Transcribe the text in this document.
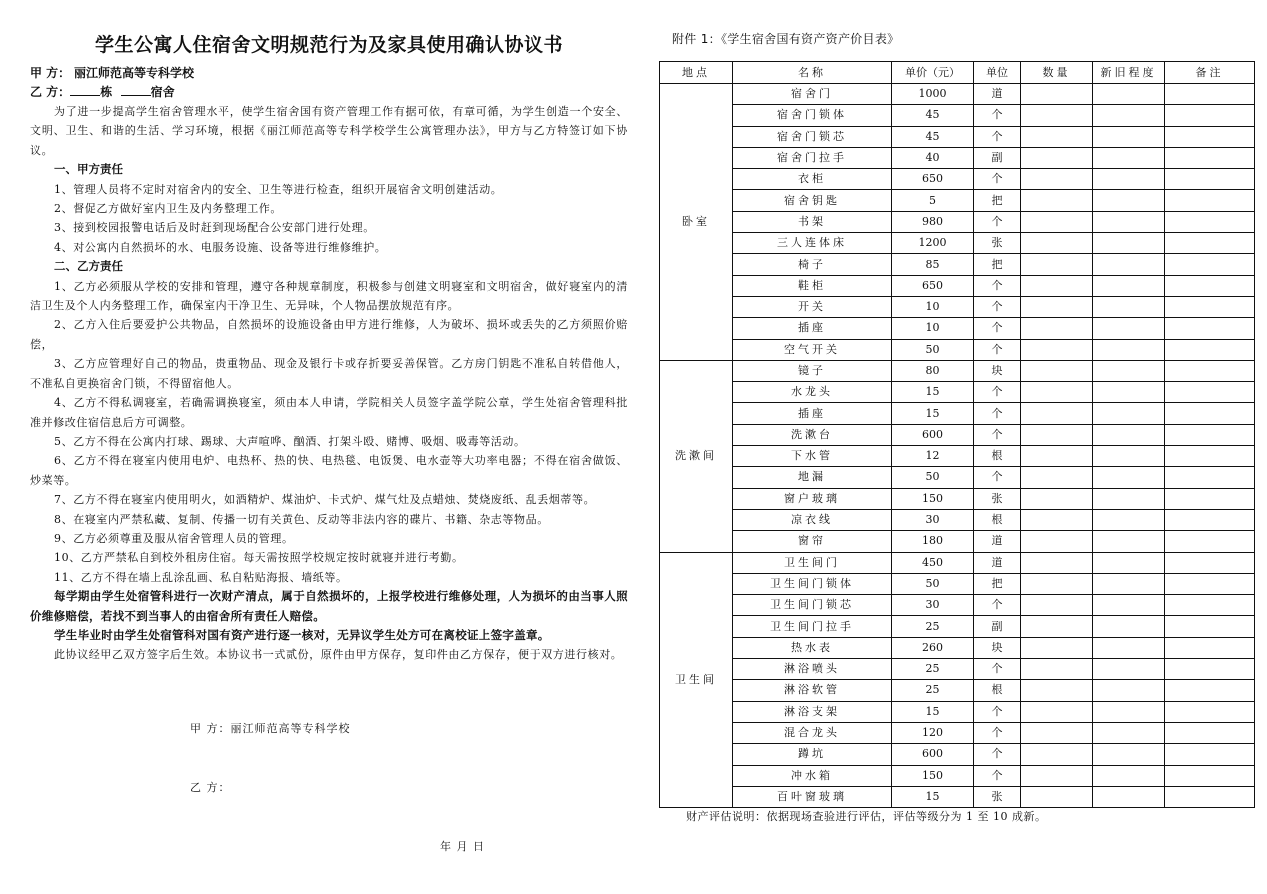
学生公寓人住宿舍文明规范行为及家具使用确认协议书
甲 方： 丽江师范高等专科学校
乙 方：	栋	宿舍

为了进一步提高学生宿舍管理水平，使学生宿舍国有资产管理工作有据可依，有章可循，为学生创造一个安全、文明、卫生、和谐的生活、学习环境，根据《丽江师范高等专科学校学生公寓管理办法》，甲方与乙方特签订如下协议。

一、甲方责任

1、管理人员将不定时对宿舍内的安全、卫生等进行检查，组织开展宿舍文明创建活动。

2、督促乙方做好室内卫生及内务整理工作。

3、接到校园报警电话后及时赶到现场配合公安部门进行处理。

4、对公寓内自然损坏的水、电服务设施、设备等进行维修维护。

二、乙方责任

1、乙方必须服从学校的安排和管理，遵守各种规章制度，积极参与创建文明寝室和文明宿舍，做好寝室内的清洁卫生及个人内务整理工作，确保室内干净卫生、无异味，个人物品摆放规范有序。

2、乙方入住后要爱护公共物品，自然损坏的设施设备由甲方进行维修，人为破坏、损坏或丢失的乙方须照价赔偿，

3、乙方应管理好自己的物品，贵重物品、现金及银行卡或存折要妥善保管。乙方房门钥匙不准私自转借他人，不准私自更换宿舍门锁，不得留宿他人。

4、乙方不得私调寝室，若确需调换寝室，须由本人申请，学院相关人员签字盖学院公章，学生处宿舍管理科批准并修改住宿信息后方可调整。

5、乙方不得在公寓内打球、踢球、大声喧哗、酗酒、打架斗殴、赌博、吸烟、吸毒等活动。

6、乙方不得在寝室内使用电炉、电热杯、热的快、电热毯、电饭煲、电水壶等大功率电器；不得在宿舍做饭、炒菜等。

7、乙方不得在寝室内使用明火，如酒精炉、煤油炉、卡式炉、煤气灶及点蜡烛、焚烧废纸、乱丢烟蒂等。

8、在寝室内严禁私藏、复制、传播一切有关黄色、反动等非法内容的碟片、书籍、杂志等物品。

9、乙方必须尊重及服从宿舍管理人员的管理。

10、乙方严禁私自到校外租房住宿。每天需按照学校规定按时就寝并进行考勤。

11、乙方不得在墙上乱涂乱画、私自粘贴海报、墙纸等。

每学期由学生处宿管科进行一次财产清点，属于自然损坏的，上报学校进行维修处理，人为损坏的由当事人照价维修赔偿，若找不到当事人的由宿舍所有责任人赔偿。

学生毕业时由学生处宿管科对国有资产进行逐一核对，无异议学生处方可在离校证上签字盖章。

此协议经甲乙双方签字后生效。本协议书一式贰份，原件由甲方保存，复印件由乙方保存，便于双方进行核对。

甲 方：丽江师范高等专科学校
乙 方：
年 月 日
附件 1：《学生宿舍国有资产资产价目表》
地点	名称	单价（元）	单位	数量	新旧程度	备注
卧室	宿舍门	1000	道			
	宿舍门锁体	45	个			
	宿舍门锁芯	45	个			
	宿舍门拉手	40	副			
	衣柜	650	个			
	宿舍钥匙	5	把			
	书架	980	个			
	三人连体床	1200	张			
	椅子	85	把			
	鞋柜	650	个			
	开关	10	个			
	插座	10	个			
	空气开关	50	个			
洗漱间	镜子	80	块			
	水龙头	15	个			
	插座	15	个			
	洗漱台	600	个			
	下水管	12	根			
	地漏	50	个			
	窗户玻璃	150	张			
	凉衣线	30	根			
	窗帘	180	道			
卫生间	卫生间门	450	道			
	卫生间门锁体	50	把			
	卫生间门锁芯	30	个			
	卫生间门拉手	25	副			
	热水表	260	块			
	淋浴喷头	25	个			
	淋浴软管	25	根			
	淋浴支架	15	个			
	混合龙头	120	个			
	蹲坑	600	个			
	冲水箱	150	个			
	百叶窗玻璃	15	张			
财产评估说明：依据现场查验进行评估，评估等级分为 1 至 10 成新。
